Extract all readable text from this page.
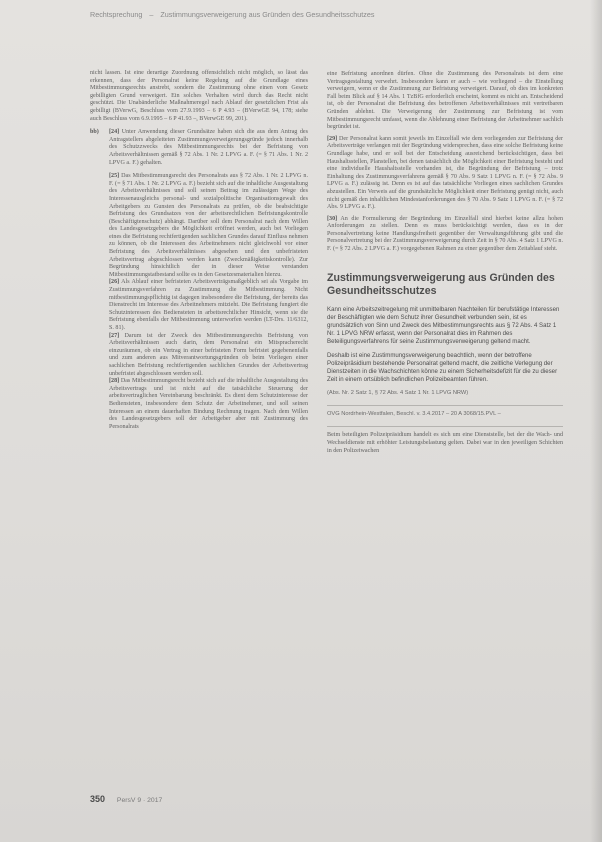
Rechtsprechung – Zustimmungsverweigerung aus Gründen des Gesundheitsschutzes

nicht lassen. Ist eine derartige Zuordnung offensichtlich nicht möglich, so lässt das erkennen, dass der Personalrat keine Regelung auf die Grundlage eines Mitbestimmungsrechts anstrebt, sondern die Zustimmung ohne einen vom Gesetz gebilligten Grund verweigert. Ein solches Verhalten wird durch das Recht nicht geschützt. Die Unabänderliche Maßnahmeregel nach Ablauf der gesetzlichen Frist als gebilligt (BVerwG, Beschluss vom 27.9.1993 – 6 P 4.93 – (BVerwGE 94, 178; siehe auch Beschluss vom 6.9.1995 – 6 P 41.93 –, BVerwGE 99, 201).

bb) [24] Unter Anwendung dieser Grundsätze haben sich die aus dem Antrag des Antragstellers abgeleiteten Zustimmungsverweigerungsgründe jedoch innerhalb des Schutzzwecks des Mitbestimmungsrechts bei der Befristung von Arbeitsverhältnissen gemäß § 72 Abs. 1 Nr. 2 LPVG a. F. (= § 71 Abs. 1 Nr. 2 LPVG a. F.) gehalten.

[25] Das Mitbestimmungsrecht des Personalrats aus § 72 Abs. 1 Nr. 2 LPVG n. F. (= § 71 Abs. 1 Nr. 2 LPVG a. F.) bezieht sich auf die inhaltliche Ausgestaltung des Arbeitsverhältnisses und soll seinen Beitrag im zulässigen Wege des Interessenausgleichs personal- und sozialpolitische Organisationsgewalt des Arbeitgebers zu Gunsten des Personalrats zu prüfen, ob die beabsichtigte Befristung des Grundsatzes von der arbeitsrechtlichen Befristungskontrolle (Beschäftigtenschutz) abhängt. Darüber soll dem Personalrat nach dem Willen des Landesgesetzgebers die Möglichkeit eröffnet werden, auch bei Vorliegen eines die Befristung rechtfertigenden sachlichen Grundes darauf Einfluss nehmen zu können, ob die Interessen des Arbeitnehmers nicht gleichwohl vor einer Befristung des Arbeitsverhältnisses abgesehen und den unbefristeten Arbeitsvertrag abgeschlossen werden kann (Zweckmäßigkeitskontrolle). Zur Begründung hinsichtlich der in dieser Weise verstanden Mitbestimmungstatbestand sollte es in den Gesetzesmaterialien hierzu.

[26] Als Ablauf einer befristeten Arbeitsverträgsmaßgeblich sei als Vorgabe im Zustimmungsverfahren zu Zustimmung die Mitbestimmung. Nicht mitbestimmungspflichtig ist dagegen insbesondere die Befristung, der bereits das Dienstrecht im Interesse des Arbeitnehmers mitzieht. Die Befristung fungiert die Schutzinteressen des Bediensteten in arbeitsrechtlicher Hinsicht, wenn sie die Befristung ebenfalls der Mitbestimmung unterworfen werden (LT-Drs. 11/6312, S. 81).

[27] Darum ist der Zweck des Mitbestimmungsrechts Befristung von Arbeitsverhältnissen auch darin, dem Personalrat ein Mitspracherecht einzuräumen, ob ein Vertrag in einer befristeten Form befristet gegebenenfalls und zum anderen aus Mitverantwortungsgründen ob beim Vorliegen einer sachlichen Befristung rechtfertigenden sachlichen Grundes der Arbeitsvertrag unbefristet abgeschlossen werden soll.

[28] Das Mitbestimmungsrecht bezieht sich auf die inhaltliche Ausgestaltung des Arbeitsvertrags und ist nicht auf die tatsächliche Steuerung der arbeitsvertraglichen Vereinbarung beschränkt. Es dient dem Schutzinteresse der Bediensteten, insbesondere dem Schutz der Arbeitnehmer, und soll seinen Interessen an einem dauerhaften Bindung Rechnung tragen. Nach dem Willen des Landesgesetzgebers soll der Arbeitgeber aber mit Zustimmung des Personalrats

eine Befristung anordnen dürfen. Ohne die Zustimmung des Personalrats ist dem eine Vertragsgestaltung verwehrt. Insbesondere kann er auch – wie vorliegend – die Einstellung verweigern, wenn er die Zustimmung zur Befristung verweigert. Darauf, ob dies im konkreten Fall beim Blick auf § 14 Abs. 1 TzBfG erforderlich erscheint, kommt es nicht an. Entscheidend ist, ob der Personalrat die Befristung des betroffenen Arbeitsverhältnisses mit vertretbaren Gründen ablehnt. Die Verweigerung der Zustimmung zur Befristung ist vom Mitbestimmungsrecht umfasst, wenn die Ablehnung einer Befristung der Arbeitnehmer sachlich begründet ist.

[29] Der Personalrat kann somit jeweils im Einzelfall wie dem vorliegenden zur Befristung der Arbeitsverträge verlangen mit der Begründung widersprechen, dass eine solche Befristung keine Grundlage habe, und er soll bei der Entscheidung ausreichend berücksichtigen, dass bei Haushaltsstellen, Planstellen, bei denen tatsächlich die Möglichkeit einer Befristung besteht und eine individuelle Haushaltsstelle vorhanden ist, die Begründung der Befristung – trotz Einhaltung des Zustimmungsverfahrens gemäß § 70 Abs. 9 Satz 1 LPVG n. F. (= § 72 Abs. 9 LPVG a. F.) zulässig ist. Denn es ist auf das tatsächliche Vorliegen eines sachlichen Grundes abzustellen. Ein Verweis auf die grundsätzliche Möglichkeit einer Befristung genügt nicht, auch nicht gemäß den inhaltlichen Mindestanforderungen des § 70 Abs. 9 Satz 1 LPVG n. F. (= § 72 Abs. 9 LPVG a. F.).

[30] An die Formulierung der Begründung im Einzelfall sind hierbei keine allzu hohen Anforderungen zu stellen. Denn es muss berücksichtigt werden, dass es in der Personalvertretung keine Handlungsfreiheit gegenüber der Verwaltungsführung gibt und die Personalvertretung bei der Zustimmungsverweigerung durch Zeit in § 70 Abs. 4 Satz 1 LPVG n. F. (= § 72 Abs. 2 LPVG a. F.) vorgegebenen Rahmen zu einer gegenüber dem Zeitablauf steht.

Zustimmungsverweigerung aus Gründen des Gesundheitsschutzes

Kann eine Arbeitszeitregelung mit unmittelbaren Nachteilen für berufstätige Interessen der Beschäftigten wie dem Schutz ihrer Gesundheit verbunden sein, ist es grundsätzlich von Sinn und Zweck des Mitbestimmungsrechts aus § 72 Abs. 4 Satz 1 Nr. 1 LPVG NRW erfasst, wenn der Personalrat dies im Rahmen des Beteiligungsverfahrens für seine Zustimmungsverweigerung geltend macht.

Deshalb ist eine Zustimmungsverweigerung beachtlich, wenn der betroffene Polizeipräsidium bestehende Personalrat geltend macht, die zeitliche Verlegung der Dienstzeiten in die Wachschichten könne zu einem Sicherheitsdefizit für die zu dieser Zeit in einem ortsüblich befindlichen Polizeibeamten führen.

(Abs. Nr. 2 Satz 1, § 72 Abs. 4 Satz 1 Nr. 1 LPVG NRW)

OVG Nordrhein-Westfalen, Beschl. v. 3.4.2017 – 20 A 3068/15.PVL –

Beim beteiligten Polizeipräsidium handelt es sich um eine Dienststelle, bei der die Wach- und Wechseldienste mit erhöhter Leistungsbelastung gelten. Dabei war in den jeweiligen Schichten in den Polizeiwachen

350 PersV 9 · 2017
